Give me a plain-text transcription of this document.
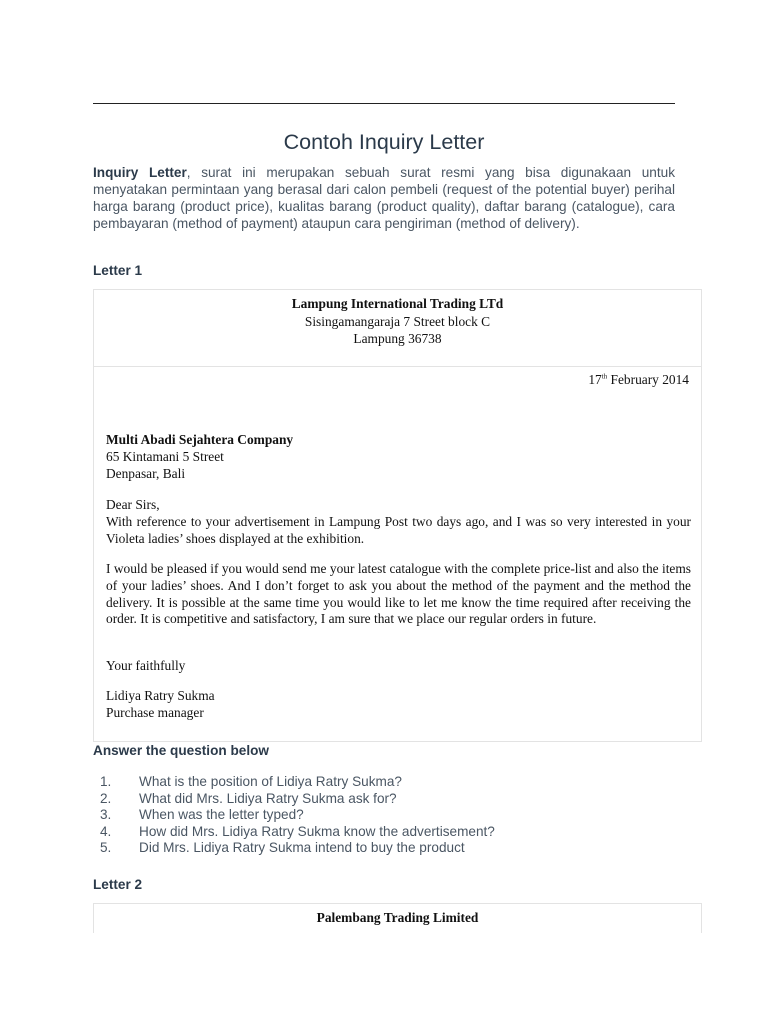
Contoh Inquiry Letter

Inquiry Letter, surat ini merupakan sebuah surat resmi yang bisa digunakaan untuk menyatakan permintaan yang berasal dari calon pembeli (request of the potential buyer) perihal harga barang (product price), kualitas barang (product quality), daftar barang (catalogue), cara pembayaran (method of payment) ataupun cara pengiriman (method of delivery).

Letter 1

Lampung International Trading LTd
Sisingamangaraja 7 Street block C
Lampung 36738
17th February 2014
Multi Abadi Sejahtera Company
65 Kintamani 5 Street
Denpasar, Bali
Dear Sirs,
With reference to your advertisement in Lampung Post two days ago, and I was so very interested in your Violeta ladies’ shoes displayed at the exhibition.
I would be pleased if you would send me your latest catalogue with the complete price-list and also the items of your ladies’ shoes. And I don’t forget to ask you about the method of the payment and the method the delivery. It is possible at the same time you would like to let me know the time required after receiving the order. It is competitive and satisfactory, I am sure that we place our regular orders in future.
Your faithfully
Lidiya Ratry Sukma
Purchase manager

Answer the question below

1.	What is the position of Lidiya Ratry Sukma?
2.	What did Mrs. Lidiya Ratry Sukma ask for?
3.	When was the letter typed?
4.	How did Mrs. Lidiya Ratry Sukma know the advertisement?
5.	Did Mrs. Lidiya Ratry Sukma intend to buy the product

Letter 2

Palembang Trading Limited
